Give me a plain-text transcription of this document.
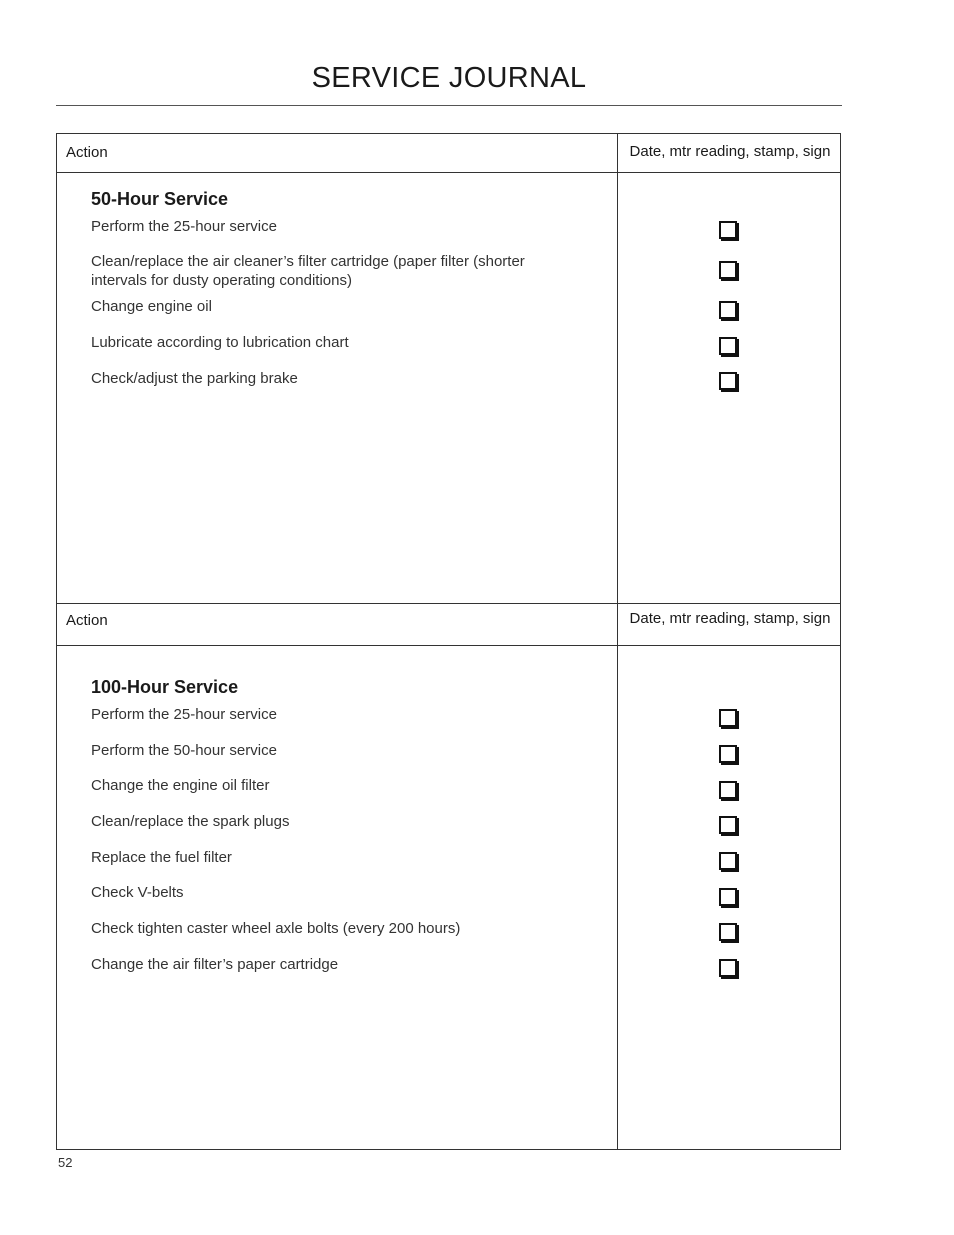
SERVICE JOURNAL
Action	Date, mtr reading, stamp, sign
50-Hour Service
Perform the 25-hour service
Clean/replace the air cleaner’s filter cartridge (paper filter (shorter intervals for dusty operating conditions)
Change engine oil
Lubricate according to lubrication chart
Check/adjust the parking brake
Action	Date, mtr reading, stamp, sign
100-Hour Service
Perform the 25-hour service
Perform the 50-hour service
Change the engine oil filter
Clean/replace the spark plugs
Replace the fuel filter
Check V-belts
Check tighten caster wheel axle bolts (every 200 hours)
Change the air filter’s paper cartridge
52
